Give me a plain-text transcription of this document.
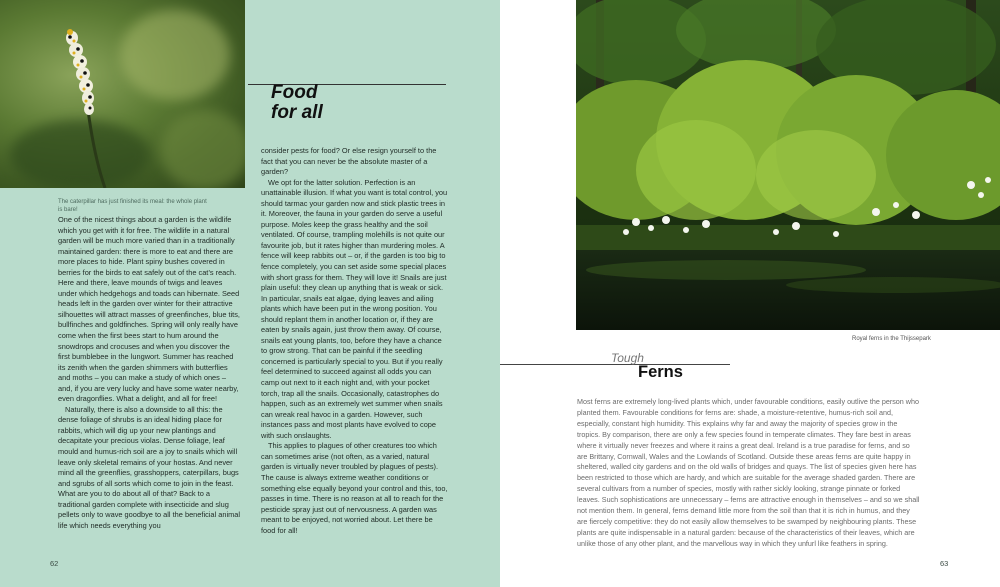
The caterpillar has just finished its meal: the whole plant is bare!
Food
for all

One of the nicest things about a garden is the wildlife which you get with it for free. The wildlife in a natural garden will be much more varied than in a traditionally maintained garden: there is more to eat and there are more places to hide. Plant spiny bushes covered in berries for the birds to eat safely out of the cat’s reach. Here and there, leave mounds of twigs and leaves under which hedgehogs and toads can hibernate. Seed heads left in the garden over winter for their attractive silhouettes will attract masses of greenfinches, blue tits, bullfinches and goldfinches. Spring will only really have come when the first bees start to hum around the snowdrops and crocuses and when you discover the first bumblebee in the lungwort. Summer has reached its zenith when the garden shimmers with butterflies and moths – you can make a study of which ones – and, if you are very lucky and have some water nearby, even dragonflies. What a delight, and all for free!

Naturally, there is also a downside to all this: the dense foliage of shrubs is an ideal hiding place for rabbits, which will dig up your new plantings and decapitate your precious violas. Dense foliage, leaf mould and humus-rich soil are a joy to snails which will leave only skeletal remains of your hostas. And never mind all the greenflies, grasshoppers, caterpillars, bugs and sgrubs of all sorts which come to join in the feast. What are you to do about all of that? Back to a traditional garden complete with insecticide and slug pellets only to wave goodbye to all the beneficial animal life which needs everything you

consider pests for food? Or else resign yourself to the fact that you can never be the absolute master of a garden?

We opt for the latter solution. Perfection is an unattainable illusion. If what you want is total control, you should tarmac your garden now and stick plastic trees in it. Moreover, the fauna in your garden do serve a useful purpose. Moles keep the grass healthy and the soil ventilated. Of course, trampling molehills is not quite our favourite job, but it rates higher than murdering moles. A fence will keep rabbits out – or, if the garden is too big to fence completely, you can set aside some special places with short grass for them. They will love it! Snails are just plain useful: they clean up anything that is weak or sick. In particular, snails eat algae, dying leaves and ailing plants which have been put in the wrong position. You should replant them in another location or, if they are eaten by snails again, just throw them away. Of course, snails eat young plants, too, before they have a chance to grow strong. That can be painful if the seedling concerned is particularly special to you. But if you really feel determined to succeed against all odds you can camp out next to it each night and, with your pocket torch, trap all the snails. Occasionally, catastrophes do happen, such as an extremely wet summer when snails can wreak real havoc in a garden. However, such instances pass and most plants have evolved to cope with such onslaughts.

This applies to plagues of other creatures too which can sometimes arise (not often, as a varied, natural garden is virtually never troubled by plagues of pests). The cause is always extreme weather conditions or something else equally beyond your control and this, too, passes in time. There is no reason at all to reach for the pesticide spray just out of nervousness. A garden was meant to be enjoyed, not worried about. Let there be food for all!

62
Royal ferns in the Thijssepark
Tough
Ferns

Most ferns are extremely long-lived plants which, under favourable conditions, easily outlive the person who planted them. Favourable conditions for ferns are: shade, a moisture-retentive, humus-rich soil and, especially, constant high humidity. This explains why far and away the majority of species grow in the tropics. By comparison, there are only a few species found in temperate climates. They fare best in areas where it virtually never freezes and where it rains a great deal. Ireland is a true paradise for ferns, and so are Brittany, Cornwall, Wales and the Lowlands of Scotland. Outside these areas ferns are quite happy in sheltered, walled city gardens and on the old walls of bridges and quays. The list of species given here has been restricted to those which are hardy, and which are suitable for the average shaded garden. There are several cultivars from a number of species, mostly with rather sickly looking, strange pinnate or forked leaves. Such sophistications are unnecessary – ferns are attractive enough in themselves – and so we shall not mention them. In general, ferns demand little more from the soil than that it is rich in humus, and they are fiercely competitive: they do not easily allow themselves to be swamped by neighbouring plants. These plants are quite indispensable in a natural garden: because of the characteristics of their leaves, which are unlike those of any other plant, and the marvellous way in which they unfurl like feathers in spring.

63
